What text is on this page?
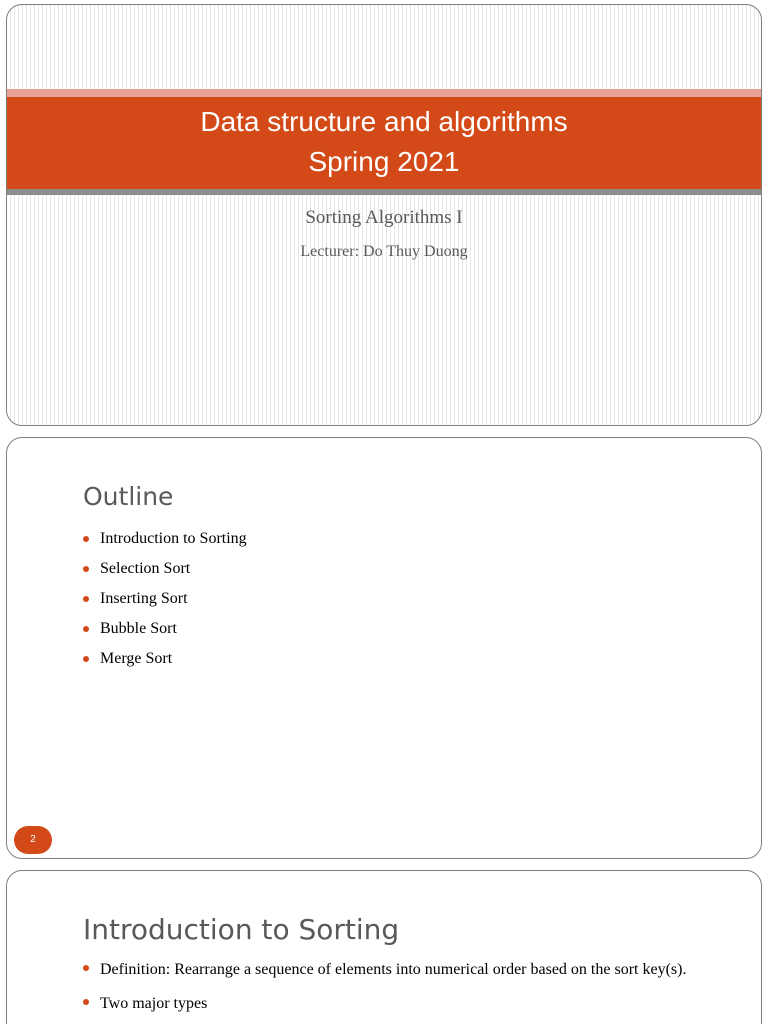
Data structure and algorithms
Spring 2021
Sorting Algorithms I
Lecturer: Do Thuy Duong
Outline
Introduction to Sorting
Selection Sort
Inserting Sort
Bubble Sort
Merge Sort
2
Introduction to Sorting
Definition: Rearrange a sequence of elements into numerical order based on the sort key(s).
Two major types
